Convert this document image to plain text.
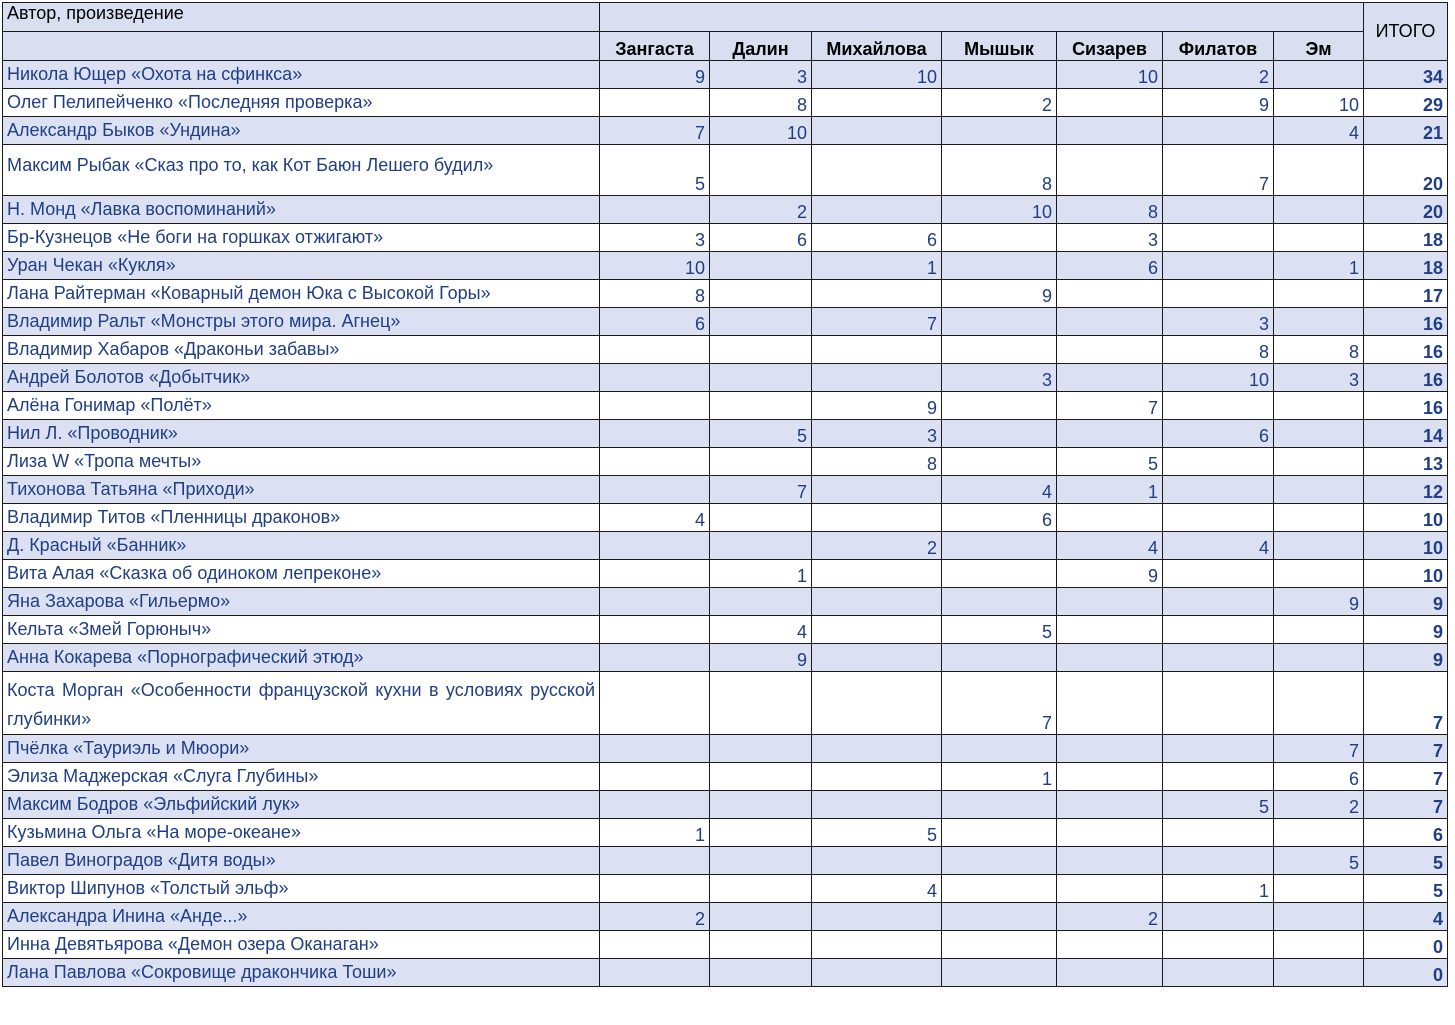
Автор, произведение								ИТОГО
	Зангаста	Далин	Михайлова	Мышык	Сизарев	Филатов	Эм	
Никола Ющер «Охота на сфинкса»	9	3	10		10	2		34
Олег Пелипейченко «Последняя проверка»		8		2		9	10	29
Александр Быков «Ундина»	7	10					4	21
Максим Рыбак «Сказ про то, как Кот Баюн Лешего будил»	5			8		7		20
Н. Монд «Лавка воспоминаний»		2		10	8			20
Бр-Кузнецов «Не боги на горшках отжигают»	3	6	6		3			18
Уран Чекан «Кукля»	10		1		6		1	18
Лана Райтерман «Коварный демон Юка с Высокой Горы»	8			9				17
Владимир Ральт «Монстры этого мира. Агнец»	6		7			3		16
Владимир Хабаров «Драконьи забавы»						8	8	16
Андрей Болотов «Добытчик»				3		10	3	16
Алёна Гонимар «Полёт»			9		7			16
Нил Л. «Проводник»		5	3			6		14
Лиза W «Тропа мечты»			8		5			13
Тихонова Татьяна «Приходи»		7		4	1			12
Владимир Титов «Пленницы драконов»	4			6				10
Д. Красный «Банник»			2		4	4		10
Вита Алая «Сказка об одиноком лепреконе»		1			9			10
Яна Захарова «Гильермо»							9	9
Кельта «Змей Горюныч»		4		5				9
Анна Кокарева «Порнографический этюд»		9						9
Коста Морган «Особенности французской кухни в условиях русской глубинки»				7				7
Пчёлка «Тауриэль и Мюори»							7	7
Элиза Маджерская «Слуга Глубины»				1			6	7
Максим Бодров «Эльфийский лук»						5	2	7
Кузьмина Ольга «На море-океане»	1		5					6
Павел Виноградов «Дитя воды»							5	5
Виктор Шипунов «Толстый эльф»			4			1		5
Александра Инина «Анде...»	2				2			4
Инна Девятьярова «Демон озера Оканаган»								0
Лана Павлова «Сокровище дракончика Тоши»								0
